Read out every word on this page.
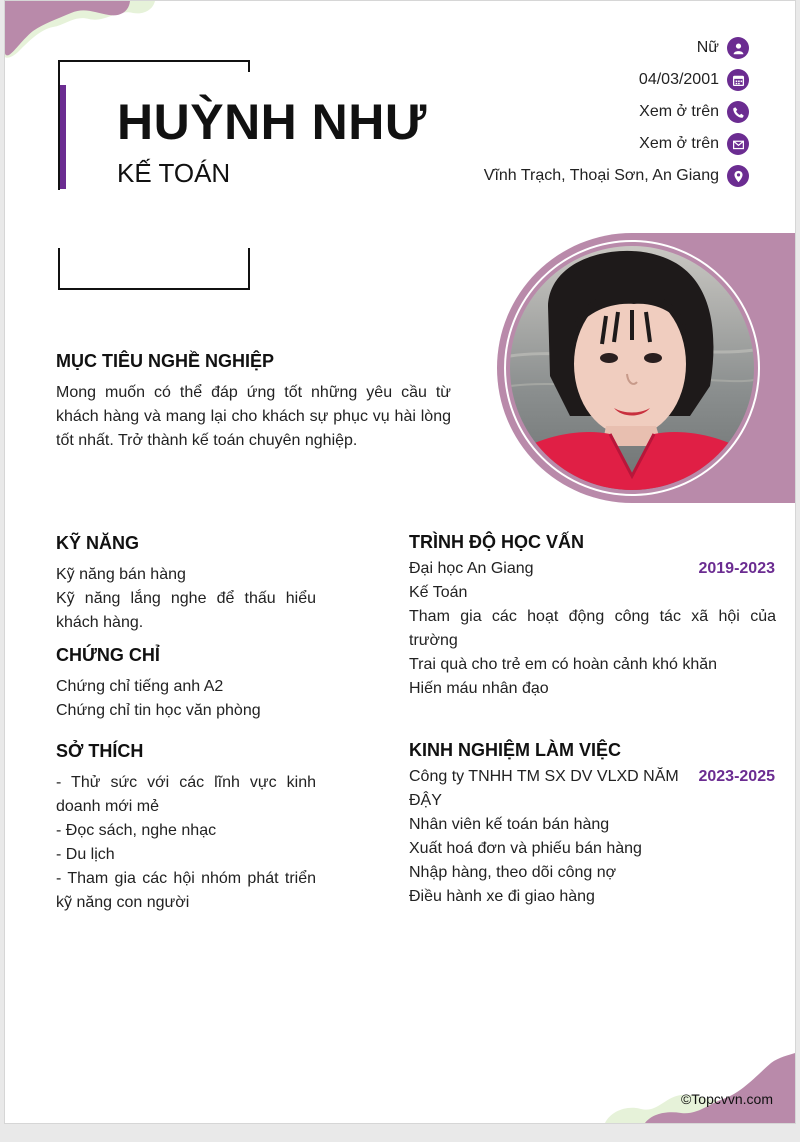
HUỲNH NHƯ
KẾ TOÁN
Nữ
04/03/2001
Xem ở trên
Xem ở trên
Vĩnh Trạch, Thoại Sơn, An Giang
MỤC TIÊU NGHỀ NGHIỆP
Mong muốn có thể đáp ứng tốt những yêu cầu từ khách hàng và mang lại cho khách sự phục vụ hài lòng tốt nhất. Trở thành kế toán chuyên nghiệp.
KỸ NĂNG
Kỹ năng bán hàng
Kỹ năng lắng nghe để thấu hiểu khách hàng.
CHỨNG CHỈ
Chứng chỉ tiếng anh A2
Chứng chỉ tin học văn phòng
SỞ THÍCH
- Thử sức với các lĩnh vực kinh doanh mới mẻ
- Đọc sách, nghe nhạc
- Du lịch
- Tham gia các hội nhóm phát triển kỹ năng con người
TRÌNH ĐỘ HỌC VẤN
Đại học An Giang	2019-2023
Kế Toán
Tham gia các hoạt động công tác xã hội của trường
Trai quà cho trẻ em có hoàn cảnh khó khăn
Hiến máu nhân đạo
KINH NGHIỆM LÀM VIỆC
Công ty TNHH TM SX DV VLXD NĂM ĐẬY
2023-2025
Nhân viên kế toán bán hàng
Xuất hoá đơn và phiếu bán hàng
Nhập hàng, theo dõi công nợ
Điều hành xe đi giao hàng
©Topcvvn.com
